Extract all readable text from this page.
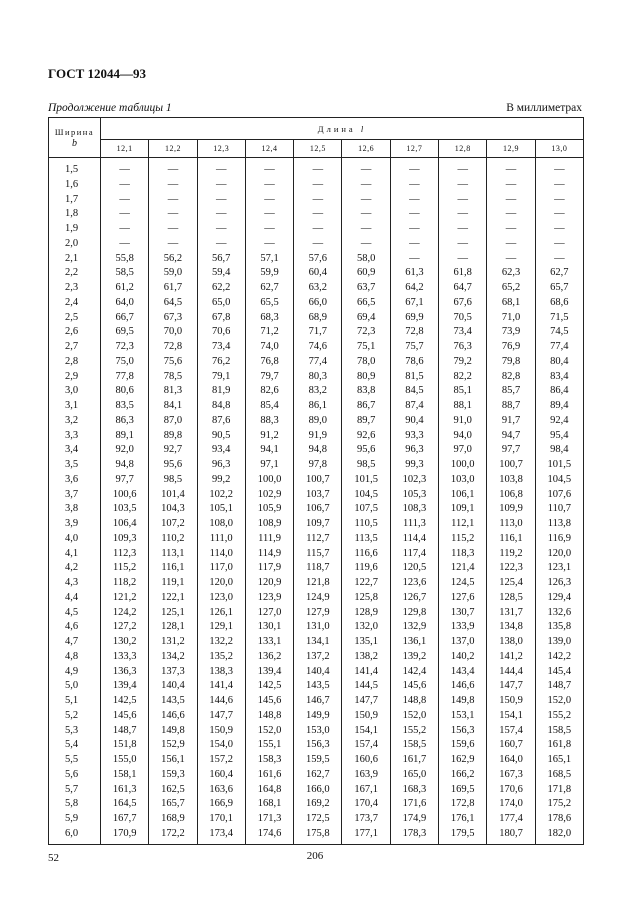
ГОСТ 12044—93
Продолжение таблицы 1	В миллиметрах
Ширина
b	Длина l									
	12,1	12,2	12,3	12,4	12,5	12,6	12,7	12,8	12,9	13,0
1,5	—	—	—	—	—	—	—	—	—	—
1,6	—	—	—	—	—	—	—	—	—	—
1,7	—	—	—	—	—	—	—	—	—	—
1,8	—	—	—	—	—	—	—	—	—	—
1,9	—	—	—	—	—	—	—	—	—	—
2,0	—	—	—	—	—	—	—	—	—	—
2,1	55,8	56,2	56,7	57,1	57,6	58,0	—	—	—	—
2,2	58,5	59,0	59,4	59,9	60,4	60,9	61,3	61,8	62,3	62,7
2,3	61,2	61,7	62,2	62,7	63,2	63,7	64,2	64,7	65,2	65,7
2,4	64,0	64,5	65,0	65,5	66,0	66,5	67,1	67,6	68,1	68,6
2,5	66,7	67,3	67,8	68,3	68,9	69,4	69,9	70,5	71,0	71,5
2,6	69,5	70,0	70,6	71,2	71,7	72,3	72,8	73,4	73,9	74,5
2,7	72,3	72,8	73,4	74,0	74,6	75,1	75,7	76,3	76,9	77,4
2,8	75,0	75,6	76,2	76,8	77,4	78,0	78,6	79,2	79,8	80,4
2,9	77,8	78,5	79,1	79,7	80,3	80,9	81,5	82,2	82,8	83,4
3,0	80,6	81,3	81,9	82,6	83,2	83,8	84,5	85,1	85,7	86,4
3,1	83,5	84,1	84,8	85,4	86,1	86,7	87,4	88,1	88,7	89,4
3,2	86,3	87,0	87,6	88,3	89,0	89,7	90,4	91,0	91,7	92,4
3,3	89,1	89,8	90,5	91,2	91,9	92,6	93,3	94,0	94,7	95,4
3,4	92,0	92,7	93,4	94,1	94,8	95,6	96,3	97,0	97,7	98,4
3,5	94,8	95,6	96,3	97,1	97,8	98,5	99,3	100,0	100,7	101,5
3,6	97,7	98,5	99,2	100,0	100,7	101,5	102,3	103,0	103,8	104,5
3,7	100,6	101,4	102,2	102,9	103,7	104,5	105,3	106,1	106,8	107,6
3,8	103,5	104,3	105,1	105,9	106,7	107,5	108,3	109,1	109,9	110,7
3,9	106,4	107,2	108,0	108,9	109,7	110,5	111,3	112,1	113,0	113,8
4,0	109,3	110,2	111,0	111,9	112,7	113,5	114,4	115,2	116,1	116,9
4,1	112,3	113,1	114,0	114,9	115,7	116,6	117,4	118,3	119,2	120,0
4,2	115,2	116,1	117,0	117,9	118,7	119,6	120,5	121,4	122,3	123,1
4,3	118,2	119,1	120,0	120,9	121,8	122,7	123,6	124,5	125,4	126,3
4,4	121,2	122,1	123,0	123,9	124,9	125,8	126,7	127,6	128,5	129,4
4,5	124,2	125,1	126,1	127,0	127,9	128,9	129,8	130,7	131,7	132,6
4,6	127,2	128,1	129,1	130,1	131,0	132,0	132,9	133,9	134,8	135,8
4,7	130,2	131,2	132,2	133,1	134,1	135,1	136,1	137,0	138,0	139,0
4,8	133,3	134,2	135,2	136,2	137,2	138,2	139,2	140,2	141,2	142,2
4,9	136,3	137,3	138,3	139,4	140,4	141,4	142,4	143,4	144,4	145,4
5,0	139,4	140,4	141,4	142,5	143,5	144,5	145,6	146,6	147,7	148,7
5,1	142,5	143,5	144,6	145,6	146,7	147,7	148,8	149,8	150,9	152,0
5,2	145,6	146,6	147,7	148,8	149,9	150,9	152,0	153,1	154,1	155,2
5,3	148,7	149,8	150,9	152,0	153,0	154,1	155,2	156,3	157,4	158,5
5,4	151,8	152,9	154,0	155,1	156,3	157,4	158,5	159,6	160,7	161,8
5,5	155,0	156,1	157,2	158,3	159,5	160,6	161,7	162,9	164,0	165,1
5,6	158,1	159,3	160,4	161,6	162,7	163,9	165,0	166,2	167,3	168,5
5,7	161,3	162,5	163,6	164,8	166,0	167,1	168,3	169,5	170,6	171,8
5,8	164,5	165,7	166,9	168,1	169,2	170,4	171,6	172,8	174,0	175,2
5,9	167,7	168,9	170,1	171,3	172,5	173,7	174,9	176,1	177,4	178,6
6,0	170,9	172,2	173,4	174,6	175,8	177,1	178,3	179,5	180,7	182,0
52	206
